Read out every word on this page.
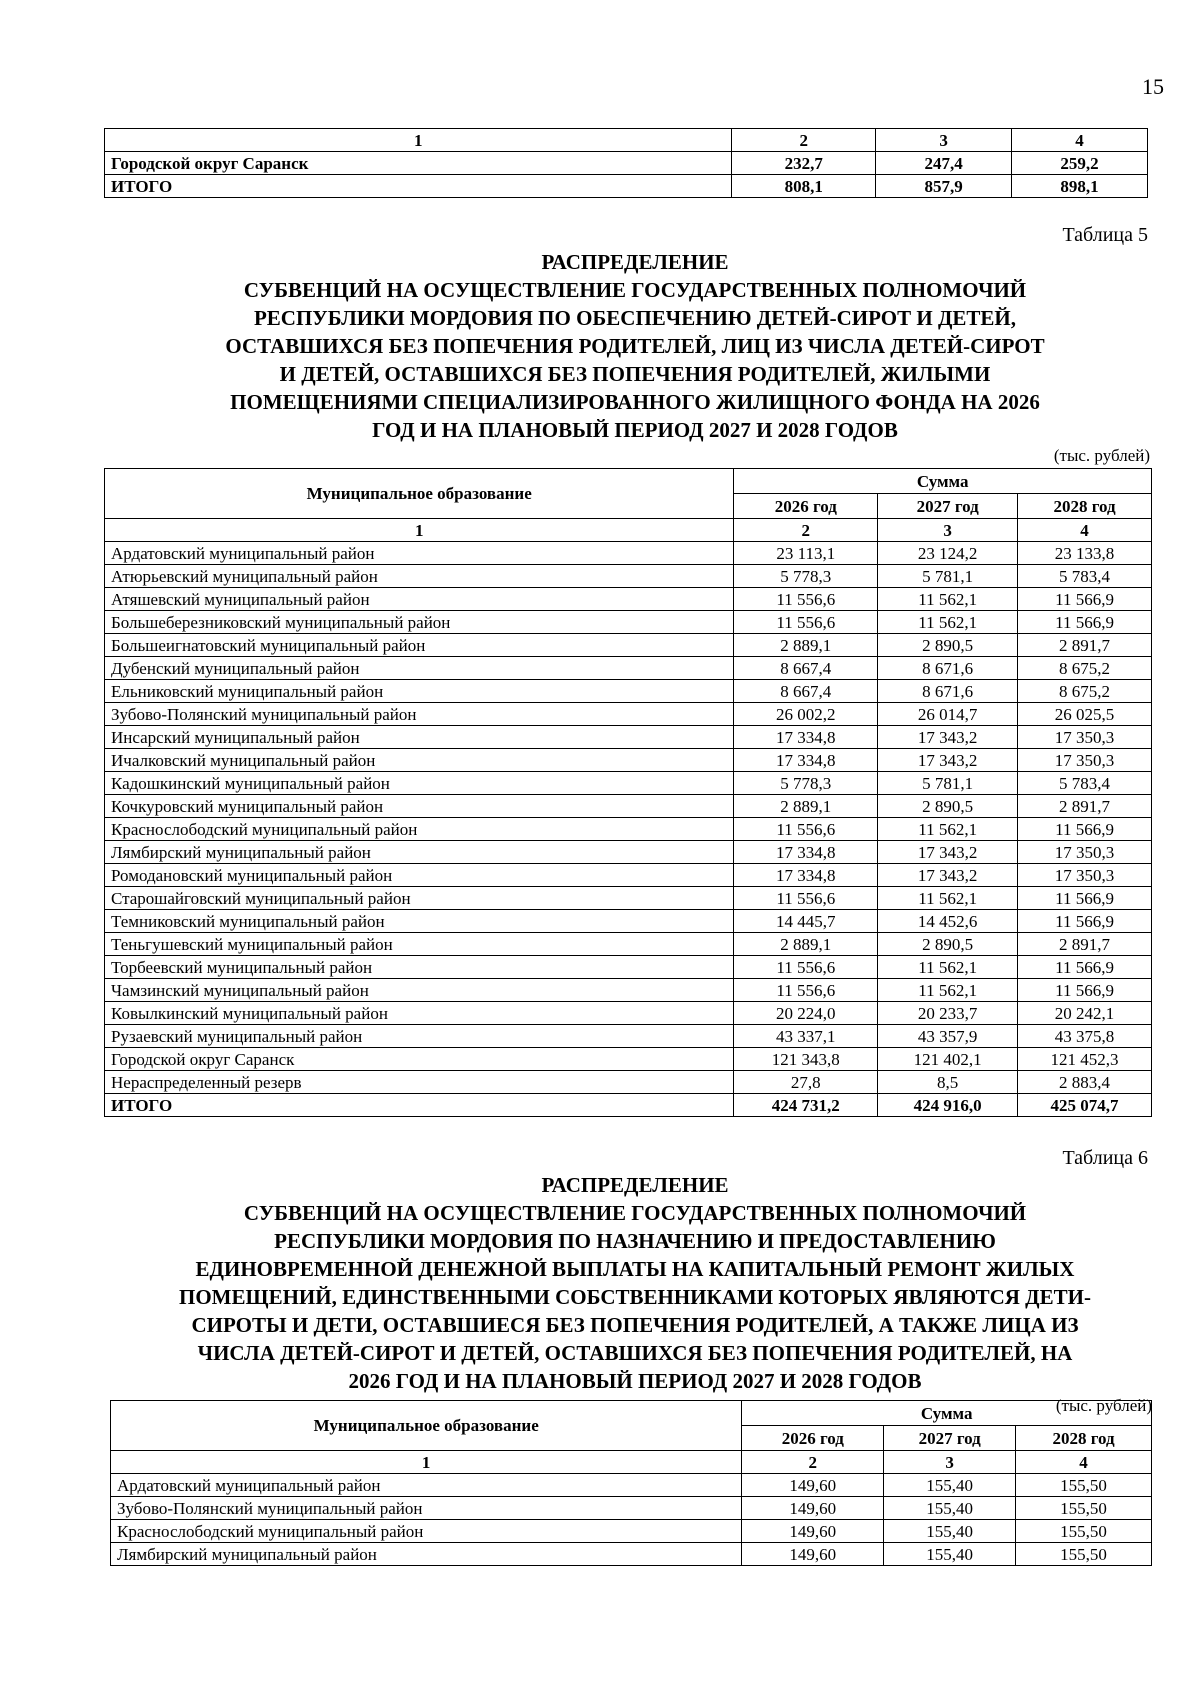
15
1	2	3	4
Городской округ Саранск	232,7	247,4	259,2
ИТОГО	808,1	857,9	898,1
Таблица 5
РАСПРЕДЕЛЕНИЕ
СУБВЕНЦИЙ НА ОСУЩЕСТВЛЕНИЕ ГОСУДАРСТВЕННЫХ ПОЛНОМОЧИЙ
РЕСПУБЛИКИ МОРДОВИЯ ПО ОБЕСПЕЧЕНИЮ ДЕТЕЙ-СИРОТ И ДЕТЕЙ,
ОСТАВШИХСЯ БЕЗ ПОПЕЧЕНИЯ РОДИТЕЛЕЙ, ЛИЦ ИЗ ЧИСЛА ДЕТЕЙ-СИРОТ
И ДЕТЕЙ, ОСТАВШИХСЯ БЕЗ ПОПЕЧЕНИЯ РОДИТЕЛЕЙ, ЖИЛЫМИ
ПОМЕЩЕНИЯМИ СПЕЦИАЛИЗИРОВАННОГО ЖИЛИЩНОГО ФОНДА НА 2026
ГОД И НА ПЛАНОВЫЙ ПЕРИОД 2027 И 2028 ГОДОВ
(тыс. рублей)
Муниципальное образование	Сумма		
	2026 год	2027 год	2028 год
1	2	3	4
Ардатовский муниципальный район	23 113,1	23 124,2	23 133,8
Атюрьевский муниципальный район	5 778,3	5 781,1	5 783,4
Атяшевский муниципальный район	11 556,6	11 562,1	11 566,9
Большеберезниковский муниципальный район	11 556,6	11 562,1	11 566,9
Большеигнатовский муниципальный район	2 889,1	2 890,5	2 891,7
Дубенский муниципальный район	8 667,4	8 671,6	8 675,2
Ельниковский муниципальный район	8 667,4	8 671,6	8 675,2
Зубово-Полянский муниципальный район	26 002,2	26 014,7	26 025,5
Инсарский муниципальный район	17 334,8	17 343,2	17 350,3
Ичалковский муниципальный район	17 334,8	17 343,2	17 350,3
Кадошкинский муниципальный район	5 778,3	5 781,1	5 783,4
Кочкуровский муниципальный район	2 889,1	2 890,5	2 891,7
Краснослободский муниципальный район	11 556,6	11 562,1	11 566,9
Лямбирский муниципальный район	17 334,8	17 343,2	17 350,3
Ромодановский муниципальный район	17 334,8	17 343,2	17 350,3
Старошайговский муниципальный район	11 556,6	11 562,1	11 566,9
Темниковский муниципальный район	14 445,7	14 452,6	11 566,9
Теньгушевский муниципальный район	2 889,1	2 890,5	2 891,7
Торбеевский муниципальный район	11 556,6	11 562,1	11 566,9
Чамзинский муниципальный район	11 556,6	11 562,1	11 566,9
Ковылкинский муниципальный район	20 224,0	20 233,7	20 242,1
Рузаевский муниципальный район	43 337,1	43 357,9	43 375,8
Городской округ Саранск	121 343,8	121 402,1	121 452,3
Нераспределенный резерв	27,8	8,5	2 883,4
ИТОГО	424 731,2	424 916,0	425 074,7
Таблица 6
РАСПРЕДЕЛЕНИЕ
СУБВЕНЦИЙ НА ОСУЩЕСТВЛЕНИЕ ГОСУДАРСТВЕННЫХ ПОЛНОМОЧИЙ
РЕСПУБЛИКИ МОРДОВИЯ ПО НАЗНАЧЕНИЮ И ПРЕДОСТАВЛЕНИЮ
ЕДИНОВРЕМЕННОЙ ДЕНЕЖНОЙ ВЫПЛАТЫ НА КАПИТАЛЬНЫЙ РЕМОНТ ЖИЛЫХ
ПОМЕЩЕНИЙ, ЕДИНСТВЕННЫМИ СОБСТВЕННИКАМИ КОТОРЫХ ЯВЛЯЮТСЯ ДЕТИ-
СИРОТЫ И ДЕТИ, ОСТАВШИЕСЯ БЕЗ ПОПЕЧЕНИЯ РОДИТЕЛЕЙ, А ТАКЖЕ ЛИЦА ИЗ
ЧИСЛА ДЕТЕЙ-СИРОТ И ДЕТЕЙ, ОСТАВШИХСЯ БЕЗ ПОПЕЧЕНИЯ РОДИТЕЛЕЙ, НА
2026 ГОД И НА ПЛАНОВЫЙ ПЕРИОД 2027 И 2028 ГОДОВ
(тыс. рублей)
Муниципальное образование	Сумма		
	2026 год	2027 год	2028 год
1	2	3	4
Ардатовский муниципальный район	149,60	155,40	155,50
Зубово-Полянский муниципальный район	149,60	155,40	155,50
Краснослободский муниципальный район	149,60	155,40	155,50
Лямбирский муниципальный район	149,60	155,40	155,50
